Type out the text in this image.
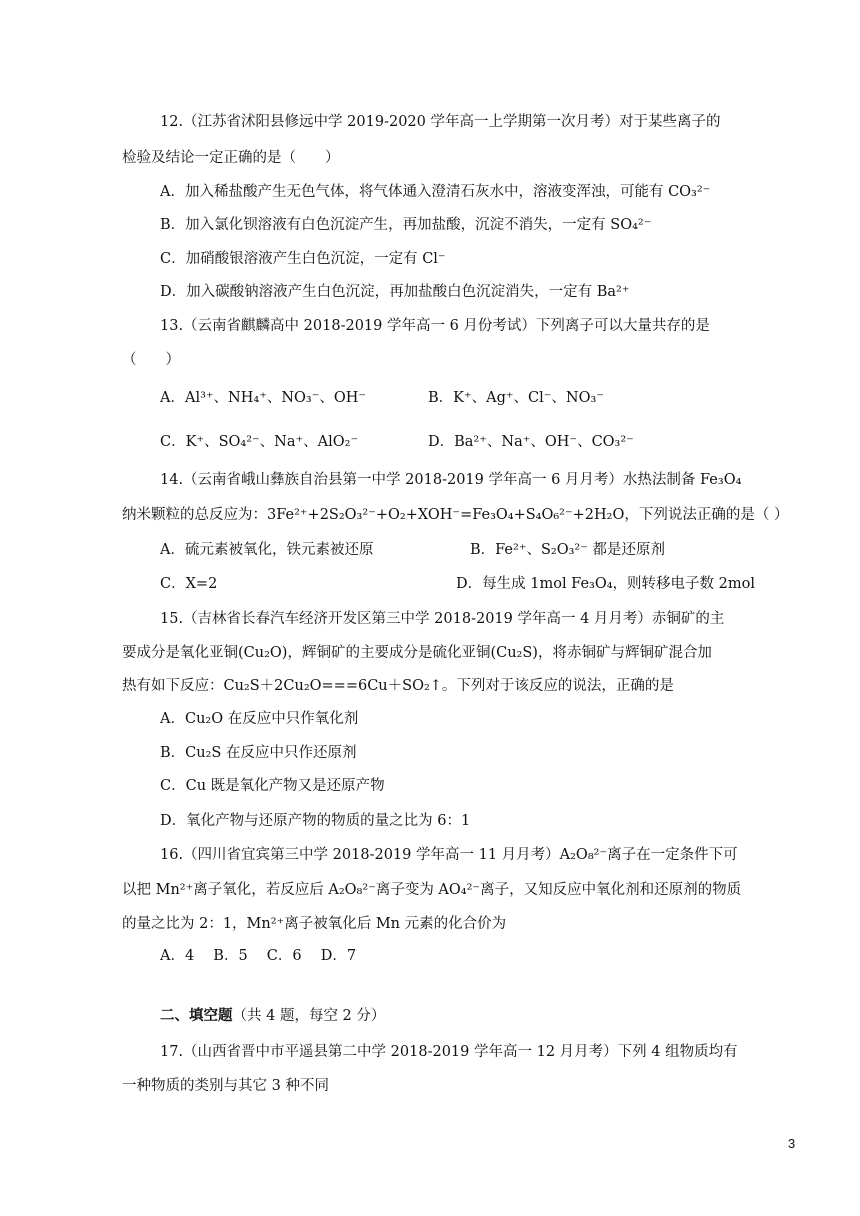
12.（江苏省沭阳县修远中学 2019-2020 学年高一上学期第一次月考）对于某些离子的
检验及结论一定正确的是（　　）
A．加入稀盐酸产生无色气体，将气体通入澄清石灰水中，溶液变浑浊，可能有 CO₃²⁻
B．加入氯化钡溶液有白色沉淀产生，再加盐酸，沉淀不消失，一定有 SO₄²⁻
C．加硝酸银溶液产生白色沉淀，一定有 Cl⁻
D．加入碳酸钠溶液产生白色沉淀，再加盐酸白色沉淀消失，一定有 Ba²⁺
13.（云南省麒麟高中 2018-2019 学年高一 6 月份考试）下列离子可以大量共存的是
（　　）
A．Al³⁺、NH₄⁺、NO₃⁻、OH⁻	B．K⁺、Ag⁺、Cl⁻、NO₃⁻
C．K⁺、SO₄²⁻、Na⁺、AlO₂⁻	D．Ba²⁺、Na⁺、OH⁻、CO₃²⁻
14.（云南省峨山彝族自治县第一中学 2018-2019 学年高一 6 月月考）水热法制备 Fe₃O₄
纳米颗粒的总反应为：3Fe²⁺+2S₂O₃²⁻+O₂+XOH⁻=Fe₃O₄+S₄O₆²⁻+2H₂O，下列说法正确的是（ ）
A．硫元素被氧化，铁元素被还原	B．Fe²⁺、S₂O₃²⁻ 都是还原剂
C．X=2	D．每生成 1mol Fe₃O₄，则转移电子数 2mol
15.（吉林省长春汽车经济开发区第三中学 2018-2019 学年高一 4 月月考）赤铜矿的主
要成分是氧化亚铜(Cu₂O)，辉铜矿的主要成分是硫化亚铜(Cu₂S)，将赤铜矿与辉铜矿混合加
热有如下反应：Cu₂S＋2Cu₂O===6Cu＋SO₂↑。下列对于该反应的说法，正确的是
A．Cu₂O 在反应中只作氧化剂
B．Cu₂S 在反应中只作还原剂
C．Cu 既是氧化产物又是还原产物
D．氧化产物与还原产物的物质的量之比为 6：1
16.（四川省宜宾第三中学 2018-2019 学年高一 11 月月考）A₂O₈²⁻离子在一定条件下可
以把 Mn²⁺离子氧化，若反应后 A₂O₈²⁻离子变为 AO₄²⁻离子，又知反应中氧化剂和还原剂的物质
的量之比为 2：1，Mn²⁺离子被氧化后 Mn 元素的化合价为
A．4　 B．5　 C．6　 D．7
二、填空题（共 4 题，每空 2 分）
17.（山西省晋中市平遥县第二中学 2018-2019 学年高一 12 月月考）下列 4 组物质均有
一种物质的类别与其它 3 种不同
3
